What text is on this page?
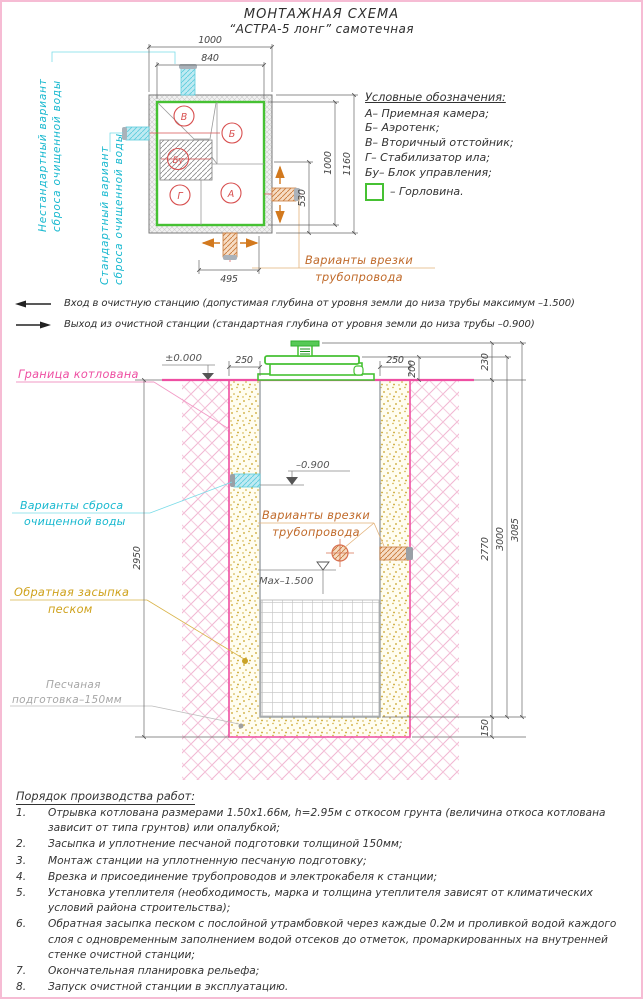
В
Б
Бу
Г	А
Варианты врезки
трубопровода
Нестандартный вариант сброса очищенной воды	Стандартный вариант сброса очищенной воды
1000
840
1000 1160
530
495
±0.000
–0.900
Max–1.500
Граница котлована
Варианты сброса
очищенной воды	Варианты врезки
трубопровода
Обратная засыпка
песком
Песчаная
подготовка–150мм
250	250 200	230
2770 3000 3085
150
2950
МОНТАЖНАЯ СХЕМА
“АСТРА-5 лонг” самотечная
Условные обозначения:
А– Приемная камера;
Б– Аэротенк;
В– Вторичный отстойник;
Г– Стабилизатор ила;
Бу– Блок управления;
– Горловина.
Вход в очистную станцию (допустимая глубина от уровня земли до низа трубы максимум –1.500)
Выход из очистной станции (стандартная глубина от уровня земли до низа трубы –0.900)
Порядок производства работ:
1.	Отрывка котлована размерами 1.50х1.66м, h=2.95м с откосом грунта (величина откоса котлована зависит от типа грунтов) или опалубкой;
2.	Засыпка и уплотнение песчаной подготовки толщиной 150мм;
3.	Монтаж станции на уплотненную песчаную подготовку;
4.	Врезка и присоединение трубопроводов и электрокабеля к станции;
5.	Установка утеплителя (необходимость, марка и толщина утеплителя зависят от климатических условий района строительства);
6.	Обратная засыпка песком с послойной утрамбовкой через каждые 0.2м и проливкой водой каждого слоя с одновременным заполнением водой отсеков до отметок, промаркированных на внутренней стенке очистной станции;
7.	Окончательная планировка рельефа;
8.	Запуск очистной станции в эксплуатацию.
